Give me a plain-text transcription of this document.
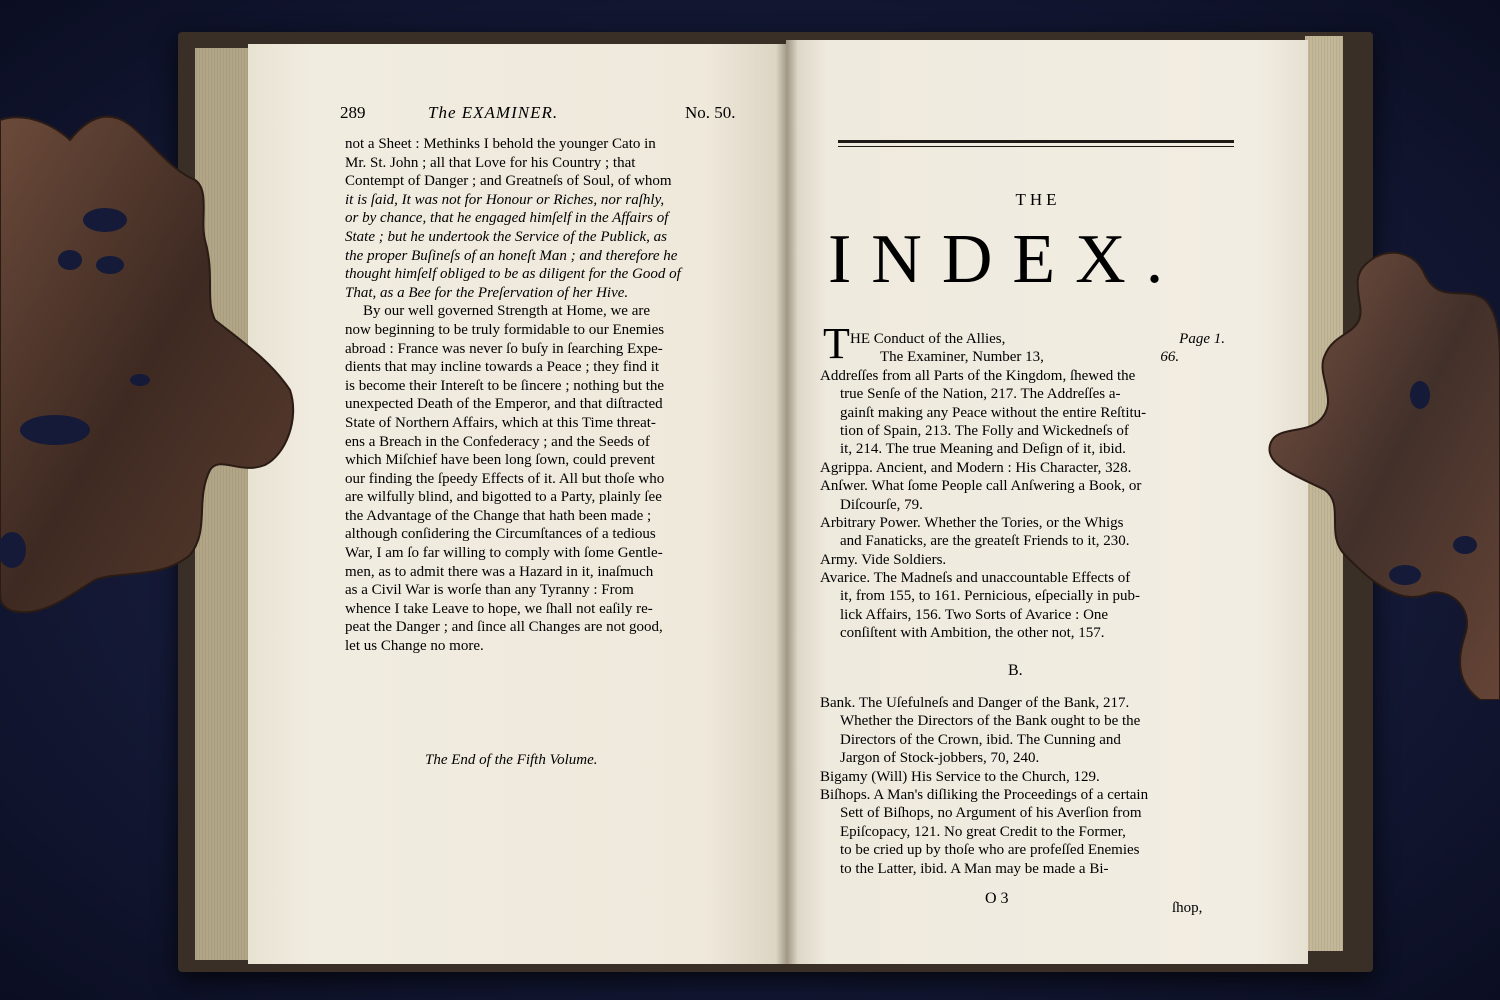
289	The EXAMINER.	No. 50.
not a Sheet : Methinks I behold the younger Cato in
Mr. St. John ; all that Love for his Country ; that
Contempt of Danger ; and Greatneſs of Soul, of whom
it is ſaid, It was not for Honour or Riches, nor raſhly,
or by chance, that he engaged himſelf in the Affairs of
State ; but he undertook the Service of the Publick, as
the proper Buſineſs of an honeſt Man ; and therefore he
thought himſelf obliged to be as diligent for the Good of
That, as a Bee for the Preſervation of her Hive.
By our well governed Strength at Home, we are
now beginning to be truly formidable to our Enemies
abroad : France was never ſo buſy in ſearching Expe-
dients that may incline towards a Peace ; they find it
is become their Intereſt to be ſincere ; nothing but the
unexpected Death of the Emperor, and that diſtracted
State of Northern Affairs, which at this Time threat-
ens a Breach in the Confederacy ; and the Seeds of
which Miſchief have been long ſown, could prevent
our finding the ſpeedy Effects of it. All but thoſe who
are wilfully blind, and bigotted to a Party, plainly ſee
the Advantage of the Change that hath been made ;
although conſidering the Circumſtances of a tedious
War, I am ſo far willing to comply with ſome Gentle-
men, as to admit there was a Hazard in it, inaſmuch
as a Civil War is worſe than any Tyranny : From
whence I take Leave to hope, we ſhall not eaſily re-
peat the Danger ; and ſince all Changes are not good,
let us Change no more.
The End of the Fifth Volume.
THE
INDEX.
T HE Conduct of the Allies,	Page 1.
The Examiner, Number 13,	66.
Addreſſes from all Parts of the Kingdom, ſhewed the
true Senſe of the Nation, 217. The Addreſſes a-
gainſt making any Peace without the entire Reſtitu-
tion of Spain, 213. The Folly and Wickedneſs of
it, 214. The true Meaning and Deſign of it, ibid.
Agrippa. Ancient, and Modern : His Character, 328.
Anſwer. What ſome People call Anſwering a Book, or
Diſcourſe, 79.
Arbitrary Power. Whether the Tories, or the Whigs
and Fanaticks, are the greateſt Friends to it, 230.
Army. Vide Soldiers.
Avarice. The Madneſs and unaccountable Effects of
it, from 155, to 161. Pernicious, eſpecially in pub-
lick Affairs, 156. Two Sorts of Avarice : One
conſiſtent with Ambition, the other not, 157.
B.
Bank. The Uſefulneſs and Danger of the Bank, 217.
Whether the Directors of the Bank ought to be the
Directors of the Crown, ibid. The Cunning and
Jargon of Stock-jobbers, 70, 240.
Bigamy (Will) His Service to the Church, 129.
Biſhops. A Man's diſliking the Proceedings of a certain
Sett of Biſhops, no Argument of his Averſion from
Epiſcopacy, 121. No great Credit to the Former,
to be cried up by thoſe who are profeſſed Enemies
to the Latter, ibid. A Man may be made a Bi-
O 3
ſhop,
